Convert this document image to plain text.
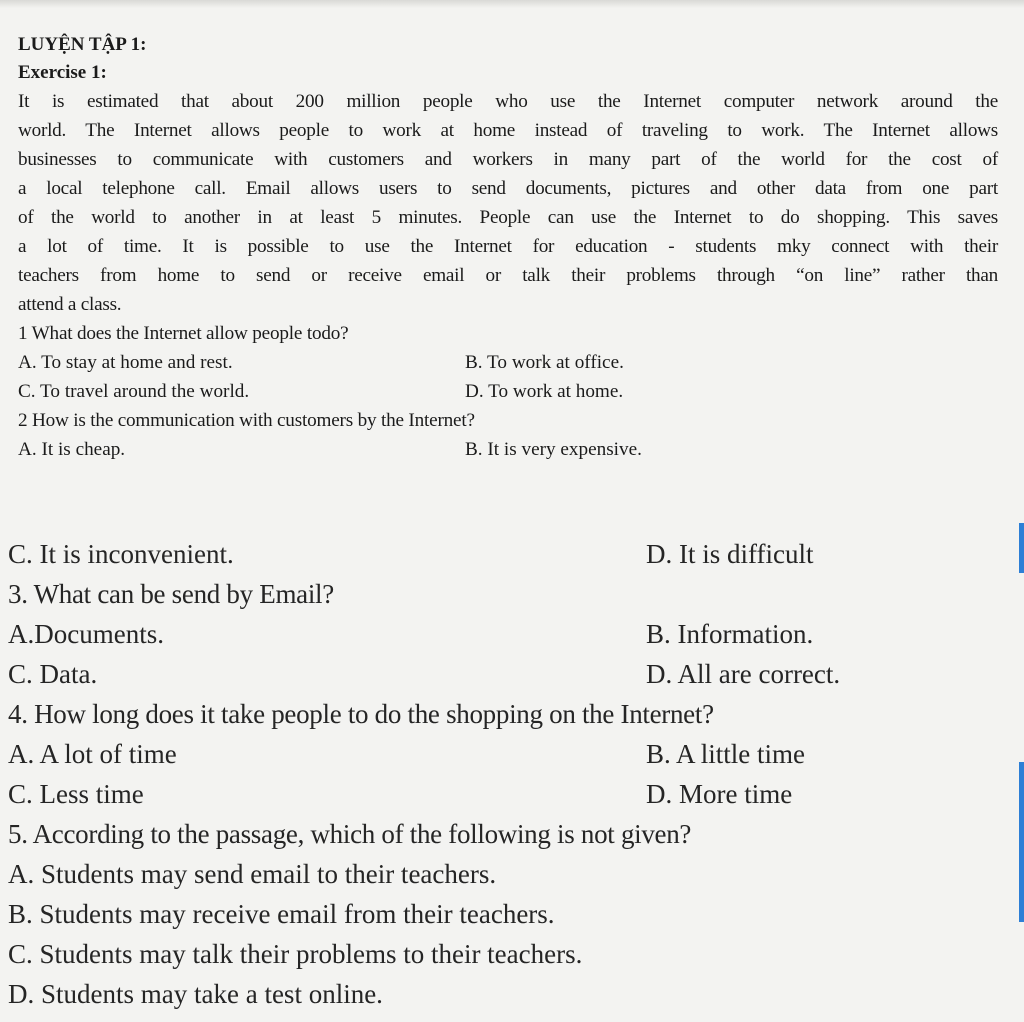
LUYỆN TẬP 1:
Exercise 1:
It is estimated that about 200 million people who use the Internet computer network around the
world. The Internet allows people to work at home instead of traveling to work. The Internet allows
businesses to communicate with customers and workers in many part of the world for the cost of
a local telephone call. Email allows users to send documents, pictures and other data from one part
of the world to another in at least 5 minutes. People can use the Internet to do shopping. This saves
a lot of time. It is possible to use the Internet for education - students mky connect with their
teachers from home to send or receive email or talk their problems through “on line” rather than
attend a class.
1 What does the Internet allow people todo?
A. To stay at home and rest.	B. To work at office.
C. To travel around the world.	D. To work at home.
2 How is the communication with customers by the Internet?
A. It is cheap.	B. It is very expensive.
C. It is inconvenient.	D. It is difficult
3. What can be send by Email?
A.Documents.	B. Information.
C. Data.	D. All are correct.
4. How long does it take people to do the shopping on the Internet?
A. A lot of time	B. A little time
C. Less time	D. More time
5. According to the passage, which of the following is not given?
A. Students may send email to their teachers.
B. Students may receive email from their teachers.
C. Students may talk their problems to their teachers.
D. Students may take a test online.
